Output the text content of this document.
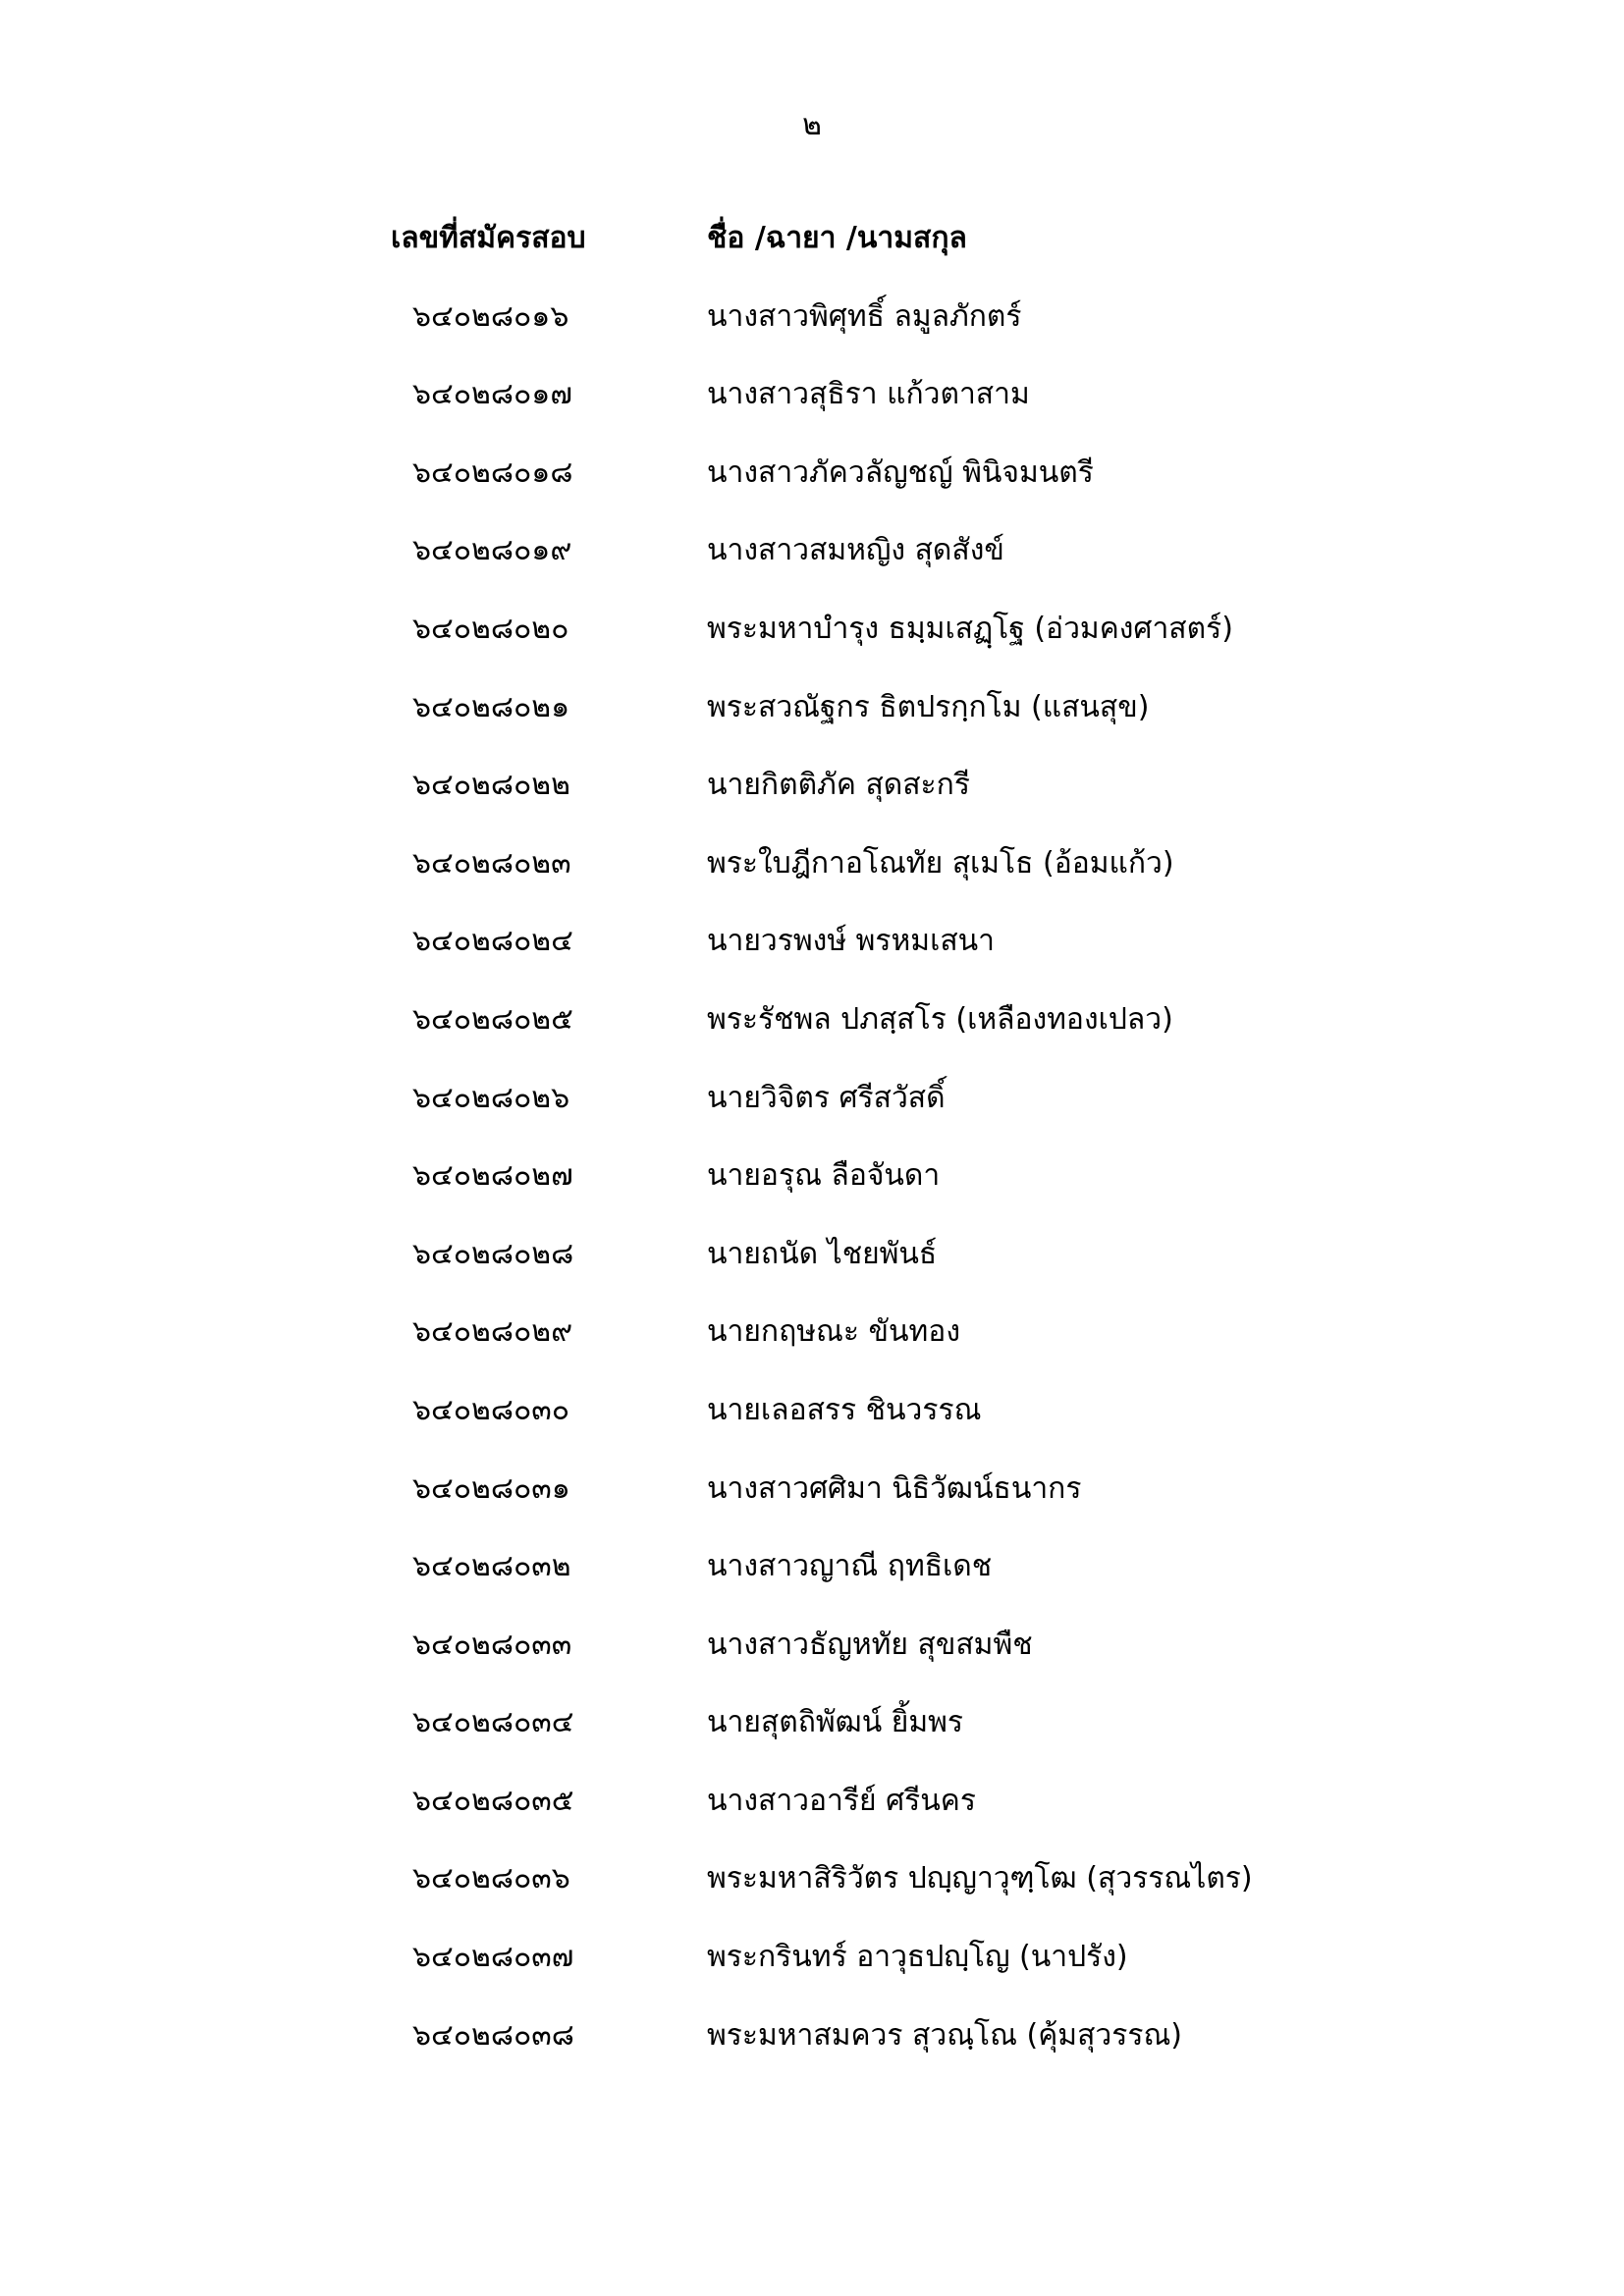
๒
เลขที่สมัครสอบ	ชื่อ /ฉายา /นามสกุล
๖๔๐๒๘๐๑๖	นางสาวพิศุทธิ์ ลมูลภักตร์
๖๔๐๒๘๐๑๗	นางสาวสุธิรา แก้วตาสาม
๖๔๐๒๘๐๑๘	นางสาวภัควลัญชญ์ พินิจมนตรี
๖๔๐๒๘๐๑๙	นางสาวสมหญิง สุดสังข์
๖๔๐๒๘๐๒๐	พระมหาบำรุง ธมฺมเสฏฺโฐ (อ่วมคงศาสตร์)
๖๔๐๒๘๐๒๑	พระสวณัฐกร ธิตปรกฺกโม (แสนสุข)
๖๔๐๒๘๐๒๒	นายกิตติภัค สุดสะกรี
๖๔๐๒๘๐๒๓	พระใบฎีกาอโณทัย สุเมโธ (อ้อมแก้ว)
๖๔๐๒๘๐๒๔	นายวรพงษ์ พรหมเสนา
๖๔๐๒๘๐๒๕	พระรัชพล ปภสฺสโร (เหลืองทองเปลว)
๖๔๐๒๘๐๒๖	นายวิจิตร ศรีสวัสดิ์
๖๔๐๒๘๐๒๗	นายอรุณ ลือจันดา
๖๔๐๒๘๐๒๘	นายถนัด ไชยพันธ์
๖๔๐๒๘๐๒๙	นายกฤษณะ ขันทอง
๖๔๐๒๘๐๓๐	นายเลอสรร ชินวรรณ
๖๔๐๒๘๐๓๑	นางสาวศศิมา นิธิวัฒน์ธนากร
๖๔๐๒๘๐๓๒	นางสาวญาณี ฤทธิเดช
๖๔๐๒๘๐๓๓	นางสาวธัญหทัย สุขสมพืช
๖๔๐๒๘๐๓๔	นายสุตถิพัฒน์ ยิ้มพร
๖๔๐๒๘๐๓๕	นางสาวอารีย์ ศรีนคร
๖๔๐๒๘๐๓๖	พระมหาสิริวัตร ปญฺญาวุฑฺโฒ (สุวรรณไตร)
๖๔๐๒๘๐๓๗	พระกรินทร์ อาวุธปญฺโญ (นาปรัง)
๖๔๐๒๘๐๓๘	พระมหาสมควร สุวณฺโณ (คุ้มสุวรรณ)
